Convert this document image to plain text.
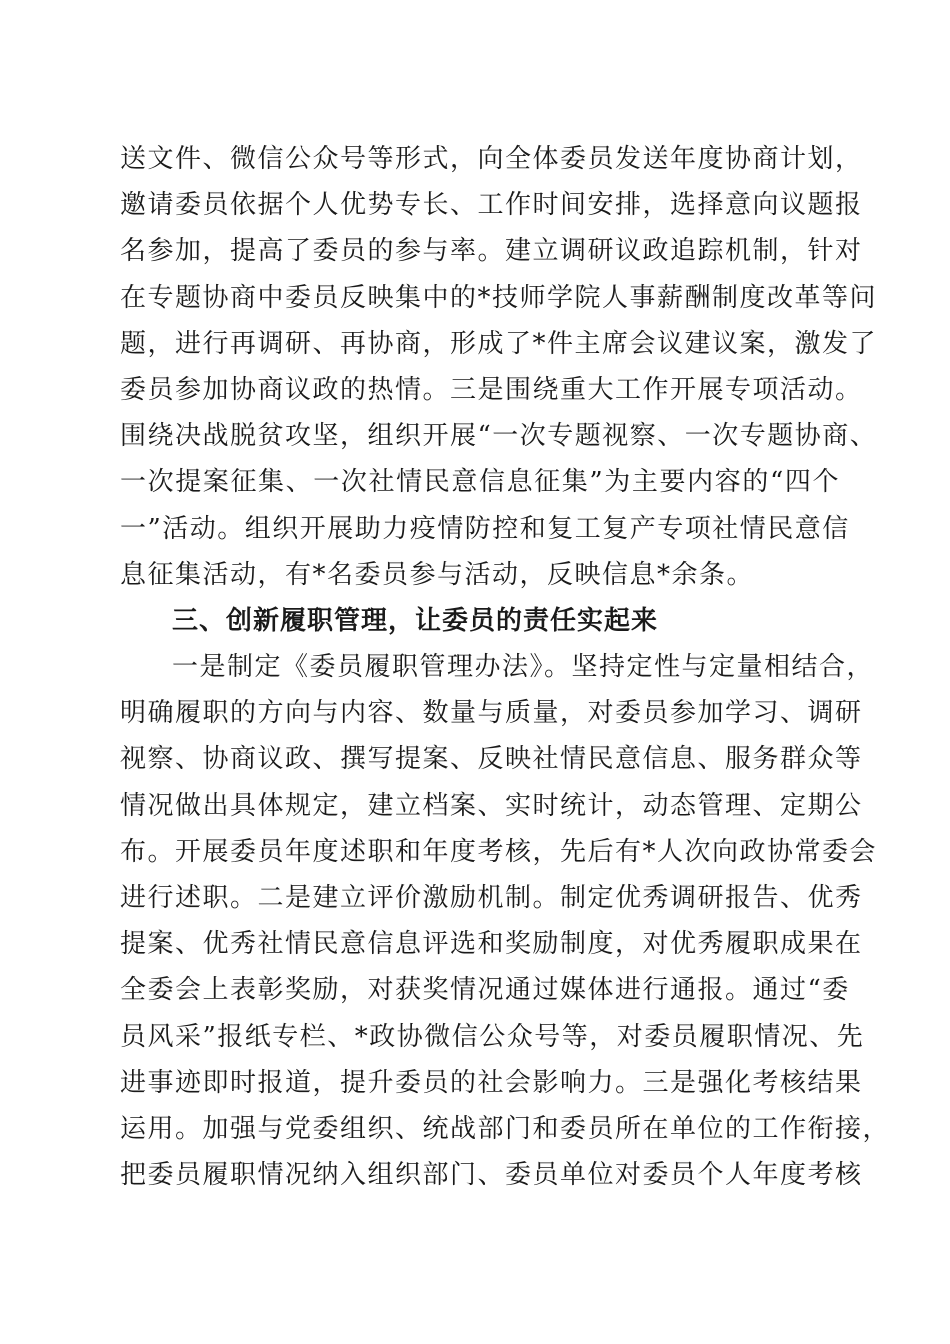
送文件、微信公众号等形式，向全体委员发送年度协商计划，
邀请委员依据个人优势专长、工作时间安排，选择意向议题报
名参加，提高了委员的参与率。建立调研议政追踪机制，针对
在专题协商中委员反映集中的*技师学院人事薪酬制度改革等问
题，进行再调研、再协商，形成了*件主席会议建议案，激发了
委员参加协商议政的热情。三是围绕重大工作开展专项活动。
围绕决战脱贫攻坚，组织开展“一次专题视察、一次专题协商、
一次提案征集、一次社情民意信息征集”为主要内容的“四个
一”活动。组织开展助力疫情防控和复工复产专项社情民意信
息征集活动，有*名委员参与活动，反映信息*余条。
三、创新履职管理，让委员的责任实起来
一是制定《委员履职管理办法》。坚持定性与定量相结合，
明确履职的方向与内容、数量与质量，对委员参加学习、调研
视察、协商议政、撰写提案、反映社情民意信息、服务群众等
情况做出具体规定，建立档案、实时统计，动态管理、定期公
布。开展委员年度述职和年度考核，先后有*人次向政协常委会
进行述职。二是建立评价激励机制。制定优秀调研报告、优秀
提案、优秀社情民意信息评选和奖励制度，对优秀履职成果在
全委会上表彰奖励，对获奖情况通过媒体进行通报。通过“委
员风采”报纸专栏、*政协微信公众号等，对委员履职情况、先
进事迹即时报道，提升委员的社会影响力。三是强化考核结果
运用。加强与党委组织、统战部门和委员所在单位的工作衔接，
把委员履职情况纳入组织部门、委员单位对委员个人年度考核
